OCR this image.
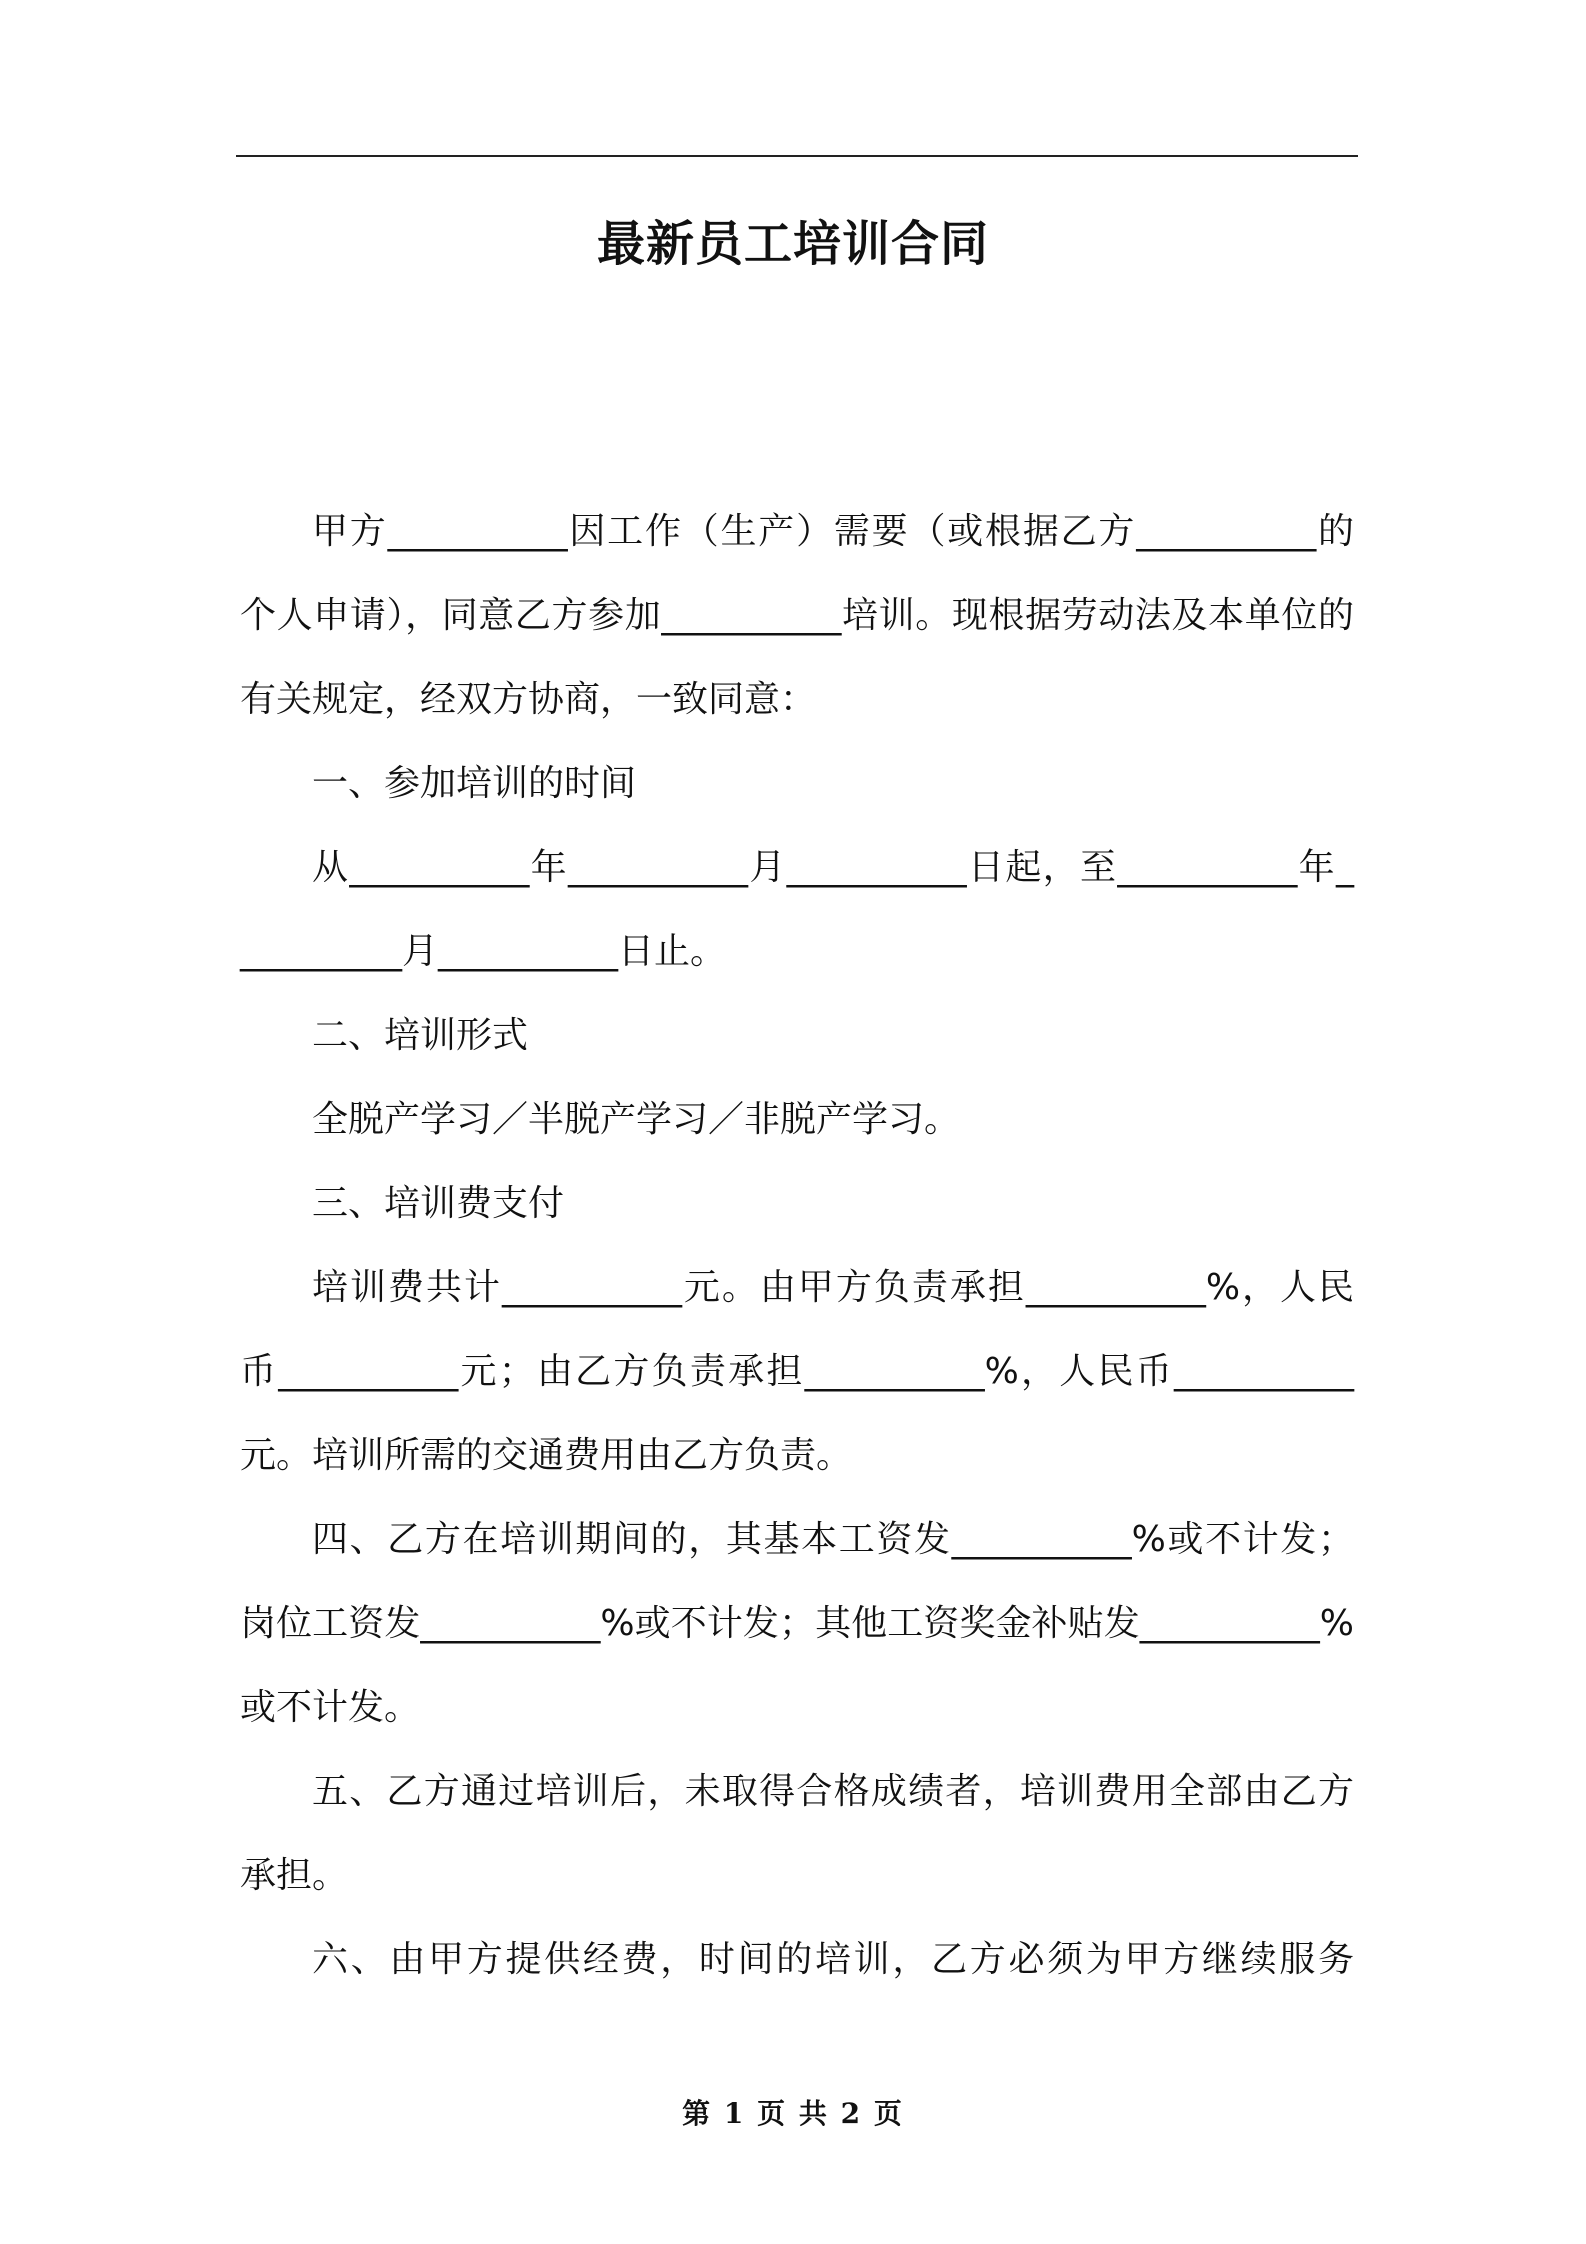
最新员工培训合同

甲方__________因工作（生产）需要（或根据乙方__________的个人申请），同意乙方参加__________培训。现根据劳动法及本单位的有关规定，经双方协商，一致同意：

一、参加培训的时间

从__________年__________月__________日起，至__________年__________月__________日止。

二、培训形式

全脱产学习／半脱产学习／非脱产学习。

三、培训费支付

培训费共计__________元。由甲方负责承担__________%，人民币__________元；由乙方负责承担__________%，人民币__________元。培训所需的交通费用由乙方负责。

四、乙方在培训期间的，其基本工资发__________%或不计发；岗位工资发__________%或不计发；其他工资奖金补贴发__________%或不计发。

五、乙方通过培训后，未取得合格成绩者，培训费用全部由乙方承担。

六、由甲方提供经费，时间的培训，乙方必须为甲方继续服务

第 1 页 共 2 页
